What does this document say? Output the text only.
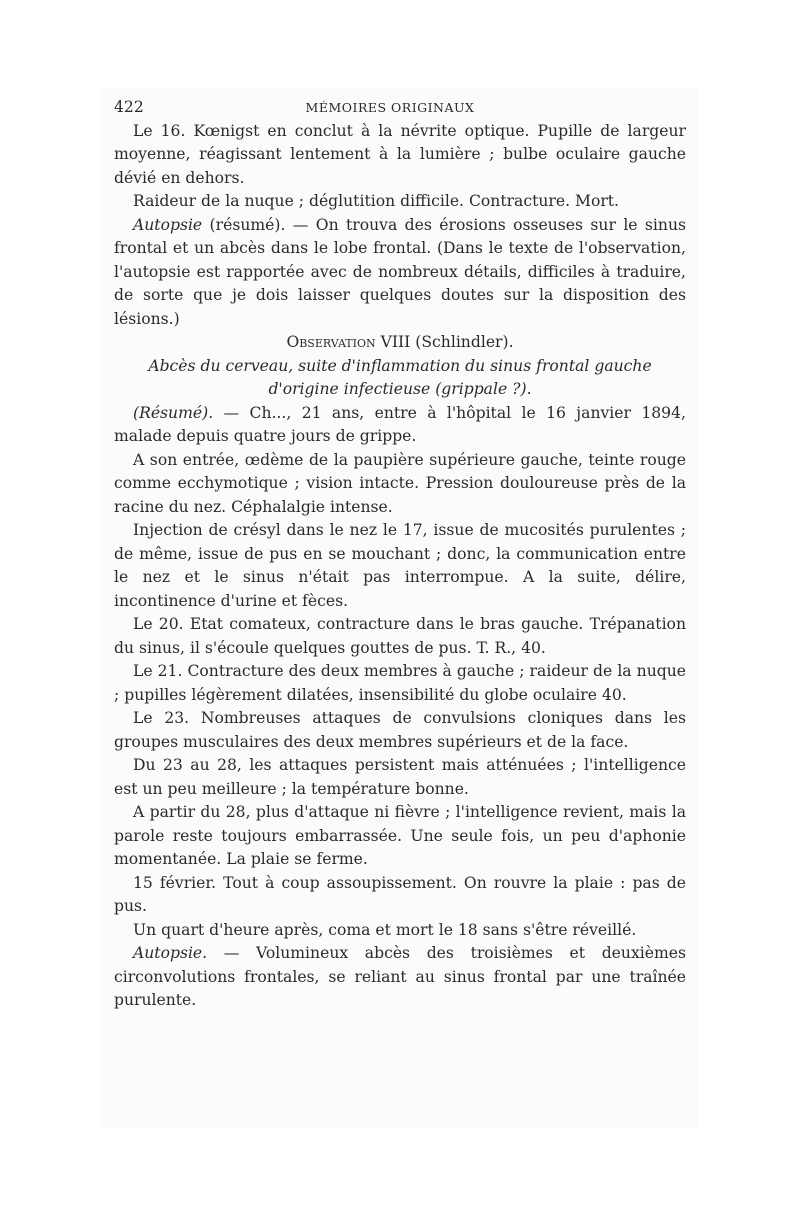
422	MÉMOIRES ORIGINAUX

Le 16. Kœnigst en conclut à la névrite optique. Pupille de largeur moyenne, réagissant lentement à la lumière ; bulbe oculaire gauche dévié en dehors.

Raideur de la nuque ; déglutition difficile. Contracture. Mort.

Autopsie (résumé). — On trouva des érosions osseuses sur le sinus frontal et un abcès dans le lobe frontal. (Dans le texte de l'observation, l'autopsie est rapportée avec de nombreux détails, difficiles à traduire, de sorte que je dois laisser quelques doutes sur la disposition des lésions.)

Observation VIII (Schlindler).

Abcès du cerveau, suite d'inflammation du sinus frontal gauche

d'origine infectieuse (grippale ?).

(Résumé). — Ch..., 21 ans, entre à l'hôpital le 16 janvier 1894, malade depuis quatre jours de grippe.

A son entrée, œdème de la paupière supérieure gauche, teinte rouge comme ecchymotique ; vision intacte. Pression douloureuse près de la racine du nez. Céphalalgie intense.

Injection de crésyl dans le nez le 17, issue de mucosités purulentes ; de même, issue de pus en se mouchant ; donc, la communication entre le nez et le sinus n'était pas interrompue. A la suite, délire, incontinence d'urine et fèces.

Le 20. Etat comateux, contracture dans le bras gauche. Trépanation du sinus, il s'écoule quelques gouttes de pus. T. R., 40.

Le 21. Contracture des deux membres à gauche ; raideur de la nuque ; pupilles légèrement dilatées, insensibilité du globe oculaire 40.

Le 23. Nombreuses attaques de convulsions cloniques dans les groupes musculaires des deux membres supérieurs et de la face.

Du 23 au 28, les attaques persistent mais atténuées ; l'intelligence est un peu meilleure ; la température bonne.

A partir du 28, plus d'attaque ni fièvre ; l'intelligence revient, mais la parole reste toujours embarrassée. Une seule fois, un peu d'aphonie momentanée. La plaie se ferme.

15 février. Tout à coup assoupissement. On rouvre la plaie : pas de pus.

Un quart d'heure après, coma et mort le 18 sans s'être réveillé.

Autopsie. — Volumineux abcès des troisièmes et deuxièmes circonvolutions frontales, se reliant au sinus frontal par une traînée purulente.
